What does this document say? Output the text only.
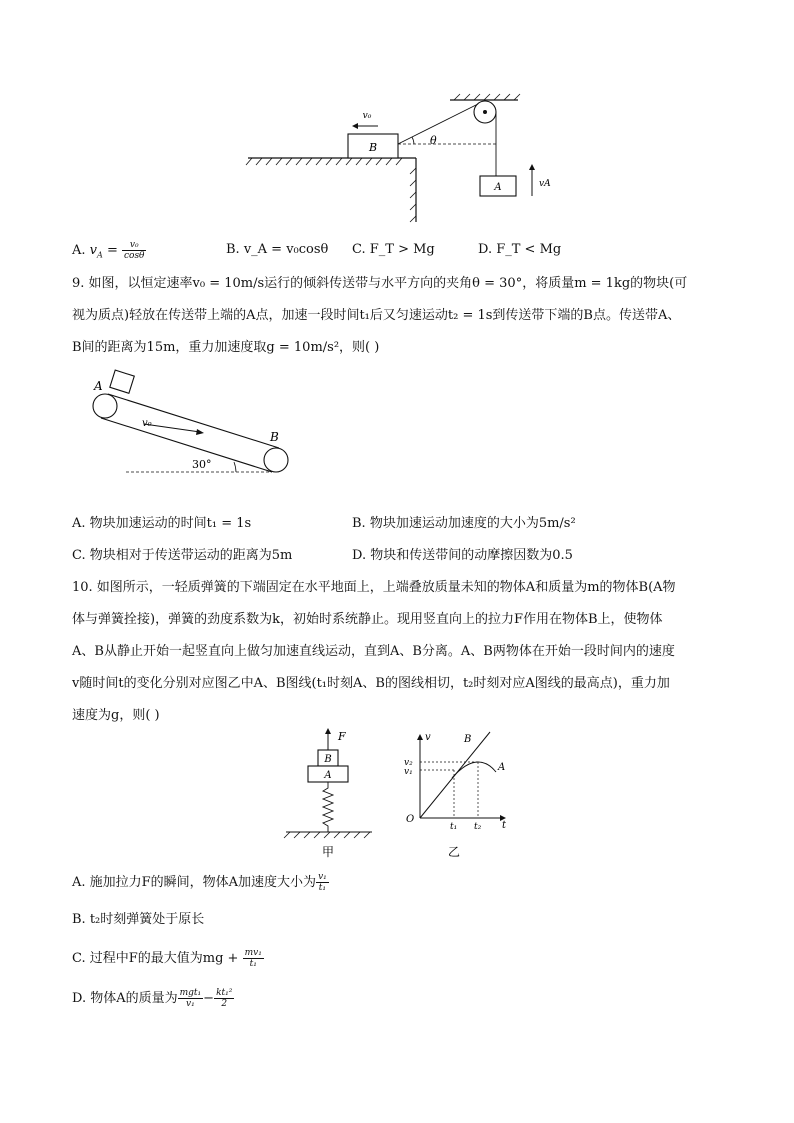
B
v₀
θ
A	vA
A. $v_A = \frac{\text{v₀}}{\cos\theta}$	B. v_A = v₀cosθ C. F_T > Mg	D. F_T < Mg
9. 如图，以恒定速率v₀ = 10m/s运行的倾斜传送带与水平方向的夹角θ = 30°，将质量m = 1kg的物块(可
视为质点)轻放在传送带上端的A点，加速一段时间t₁后又匀速运动t₂ = 1s到传送带下端的B点。传送带A、
B间的距离为15m，重力加速度取g = 10m/s²，则( )
A
B
v₀
30°
A. 物块加速运动的时间t₁ = 1s	B. 物块加速运动加速度的大小为5m/s²
C. 物块相对于传送带运动的距离为5m	D. 物块和传送带间的动摩擦因数为0.5
10. 如图所示，一轻质弹簧的下端固定在水平地面上，上端叠放质量未知的物体A和质量为m的物体B(A物
体与弹簧拴接)，弹簧的劲度系数为k，初始时系统静止。现用竖直向上的拉力F作用在物体B上，使物体
A、B从静止开始一起竖直向上做匀加速直线运动，直到A、B分离。A、B两物体在开始一段时间内的速度
v随时间t的变化分别对应图乙中A、B图线(t₁时刻A、B的图线相切，t₂时刻对应A图线的最高点)，重力加
速度为g，则( )
F
B
A
甲
v
t
O
B
A
v₂
v₁
t₁ t₂
乙
A. 施加拉力F的瞬间，物体A加速度大小为 $\frac{\text{v₁}}{\text{t₁}}$
B. t₂时刻弹簧处于原长
C. 过程中F的最大值为mg + $\frac{\text{mv₁}}{\text{t₁}}$
D. 物体A的质量为 $\frac{\text{mgt₁}}{\text{v₁}} - \frac{\text{kt₁²}}{2}$
